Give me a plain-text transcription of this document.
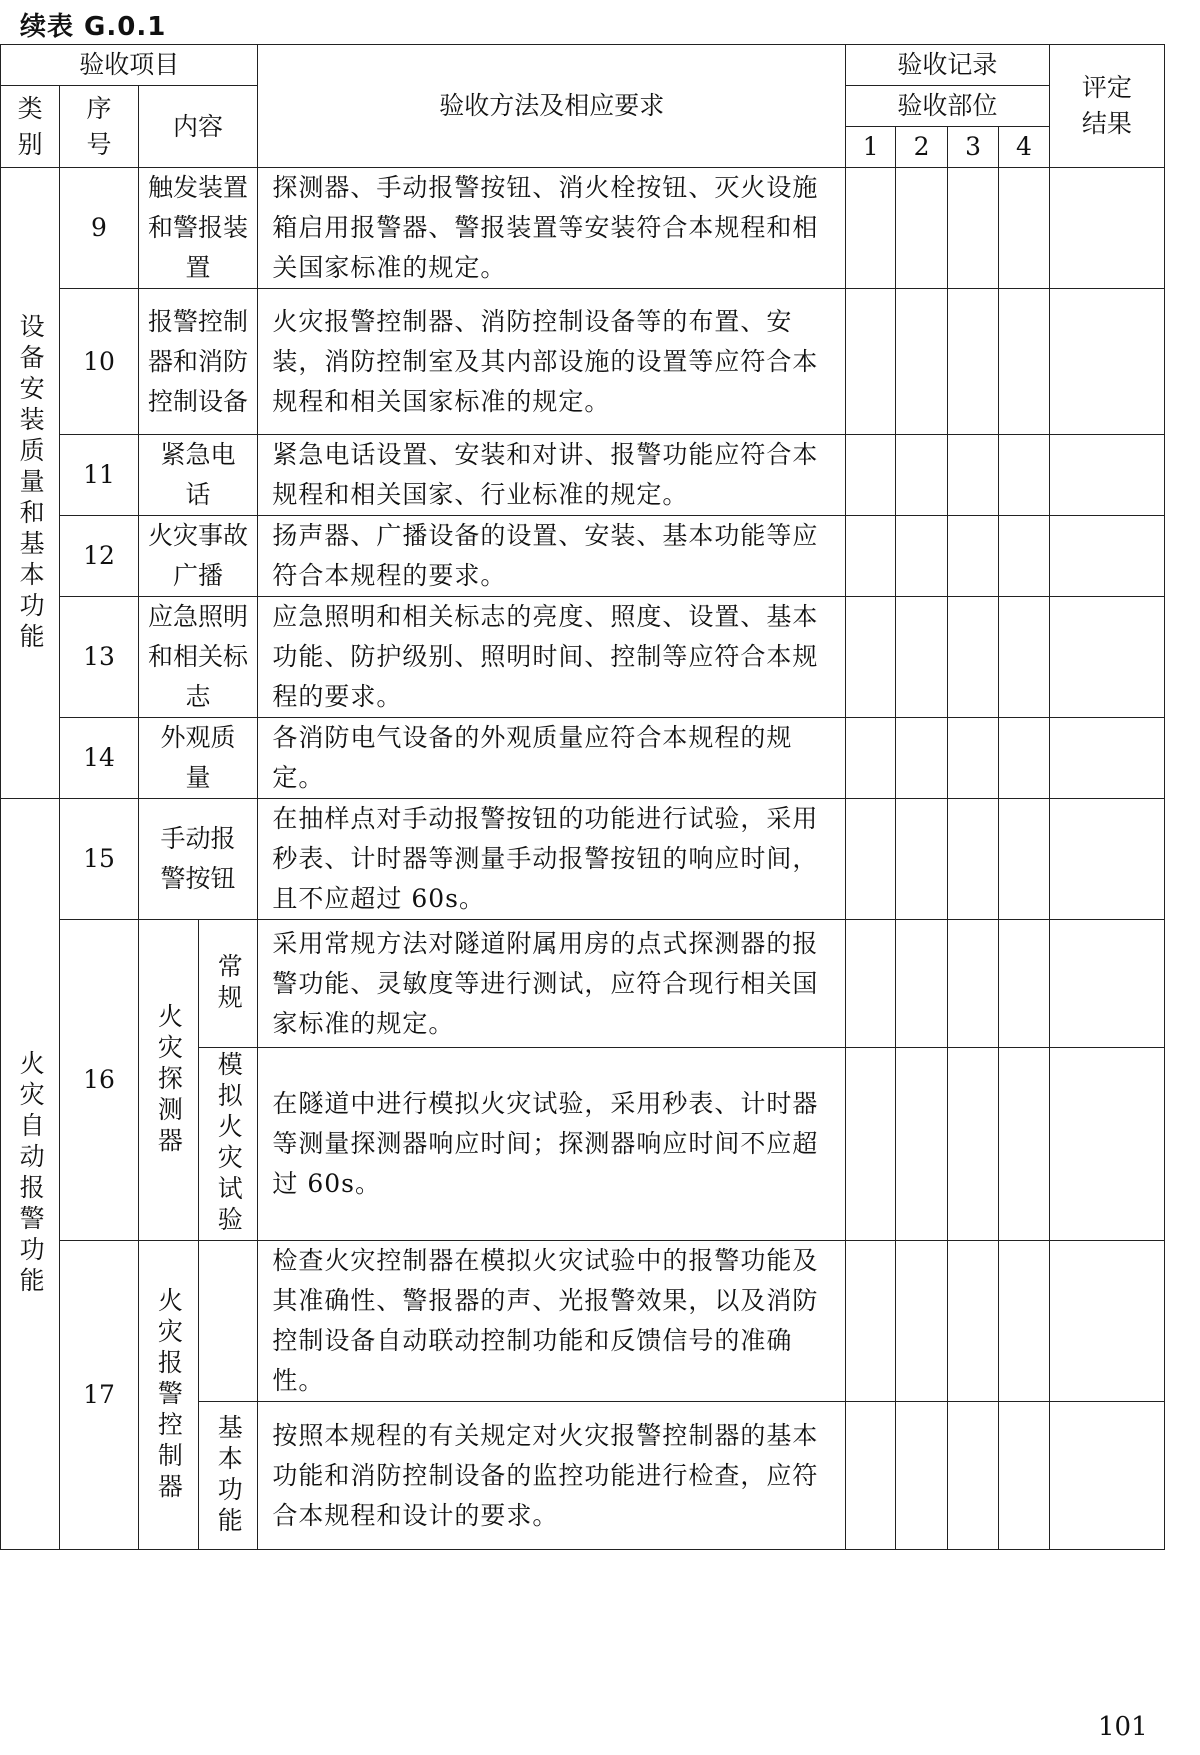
续表 G.0.1
验收项目				验收方法及相应要求	验收记录				评定结果
类别	序号	内容			验收部位				
					1	2	3	4	
设备安装质量和基本功能	9	触发装置和警报装置		探测器、手动报警按钮、消火栓按钮、灭火设施箱启用报警器、警报装置等安装符合本规程和相关国家标准的规定。					
	10	报警控制器和消防控制设备		火灾报警控制器、消防控制设备等的布置、安装，消防控制室及其内部设施的设置等应符合本规程和相关国家标准的规定。					
	11	紧急电话		紧急电话设置、安装和对讲、报警功能应符合本规程和相关国家、行业标准的规定。					
	12	火灾事故广播		扬声器、广播设备的设置、安装、基本功能等应符合本规程的要求。					
	13	应急照明和相关标志		应急照明和相关标志的亮度、照度、设置、基本功能、防护级别、照明时间、控制等应符合本规程的要求。					
	14	外观质量		各消防电气设备的外观质量应符合本规程的规定。					
火灾自动报警功能	15	手动报警按钮		在抽样点对手动报警按钮的功能进行试验，采用秒表、计时器等测量手动报警按钮的响应时间，且不应超过 60s。					
	16	火灾探测器	常规	采用常规方法对隧道附属用房的点式探测器的报警功能、灵敏度等进行测试，应符合现行相关国家标准的规定。					
			模拟火灾试验	在隧道中进行模拟火灾试验，采用秒表、计时器等测量探测器响应时间；探测器响应时间不应超过 60s。					
	17	火灾报警控制器		检查火灾控制器在模拟火灾试验中的报警功能及其准确性、警报器的声、光报警效果，以及消防控制设备自动联动控制功能和反馈信号的准确性。					
			基本功能	按照本规程的有关规定对火灾报警控制器的基本功能和消防控制设备的监控功能进行检查，应符合本规程和设计的要求。					
101
